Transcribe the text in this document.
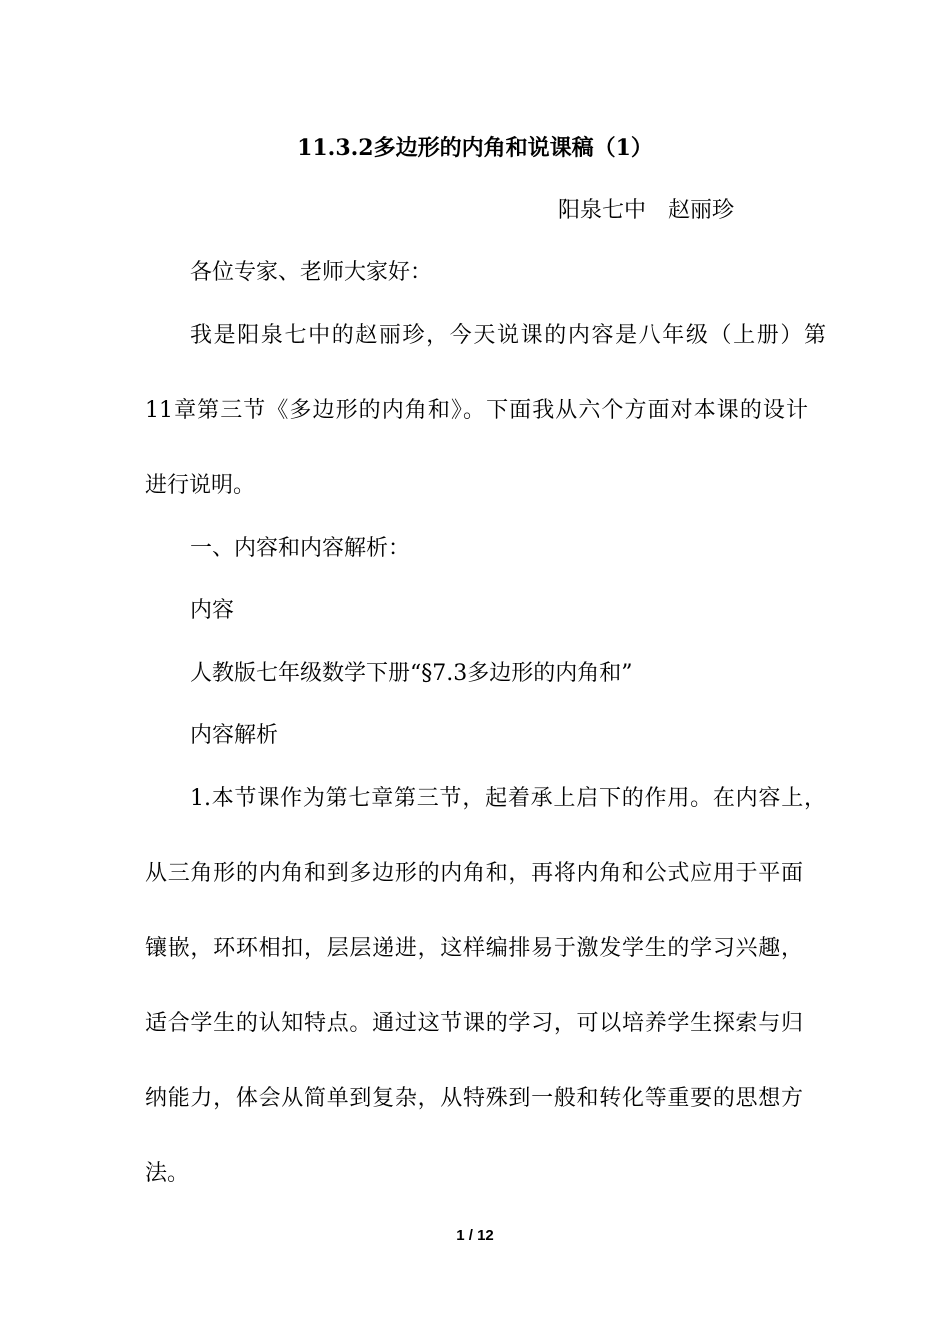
11.3.2多边形的内角和说课稿（1）
阳泉七中 赵丽珍
各位专家、老师大家好：
我是阳泉七中的赵丽珍，今天说课的内容是八年级（上册）第
11章第三节《多边形的内角和》。下面我从六个方面对本课的设计
进行说明。
一、内容和内容解析：
内容
人教版七年级数学下册“§7.3多边形的内角和”
内容解析
1.本节课作为第七章第三节，起着承上启下的作用。在内容上，
从三角形的内角和到多边形的内角和，再将内角和公式应用于平面
镶嵌，环环相扣，层层递进，这样编排易于激发学生的学习兴趣，
适合学生的认知特点。通过这节课的学习，可以培养学生探索与归
纳能力，体会从简单到复杂，从特殊到一般和转化等重要的思想方
法。
1 / 12
